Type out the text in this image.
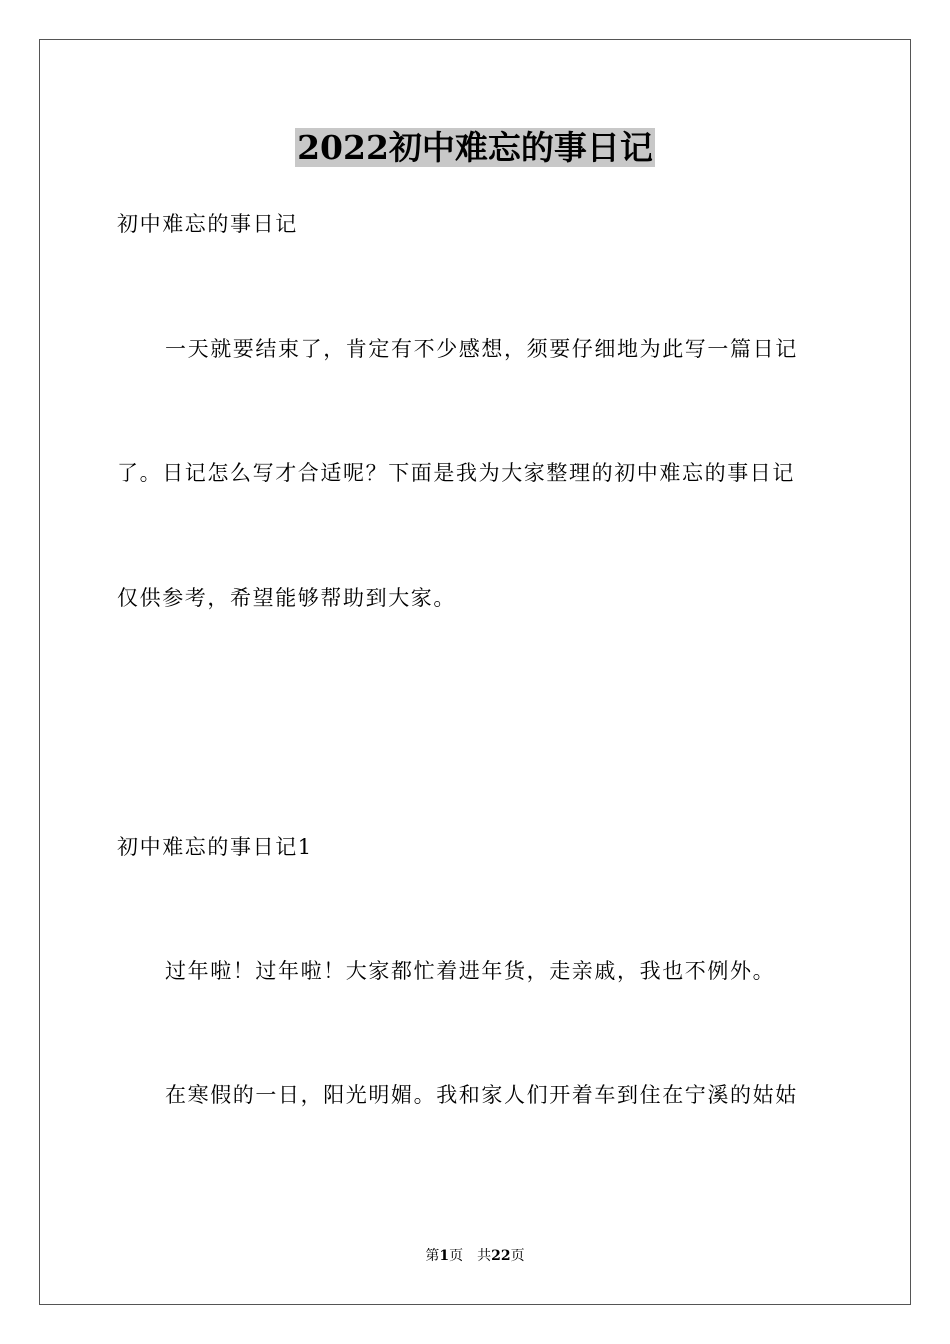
2022初中难忘的事日记
初中难忘的事日记
一天就要结束了，肯定有不少感想，须要仔细地为此写一篇日记
了。日记怎么写才合适呢？下面是我为大家整理的初中难忘的事日记
仅供参考，希望能够帮助到大家。
初中难忘的事日记1
过年啦！过年啦！大家都忙着进年货，走亲戚，我也不例外。
在寒假的一日，阳光明媚。我和家人们开着车到住在宁溪的姑姑
第1页 共22页
